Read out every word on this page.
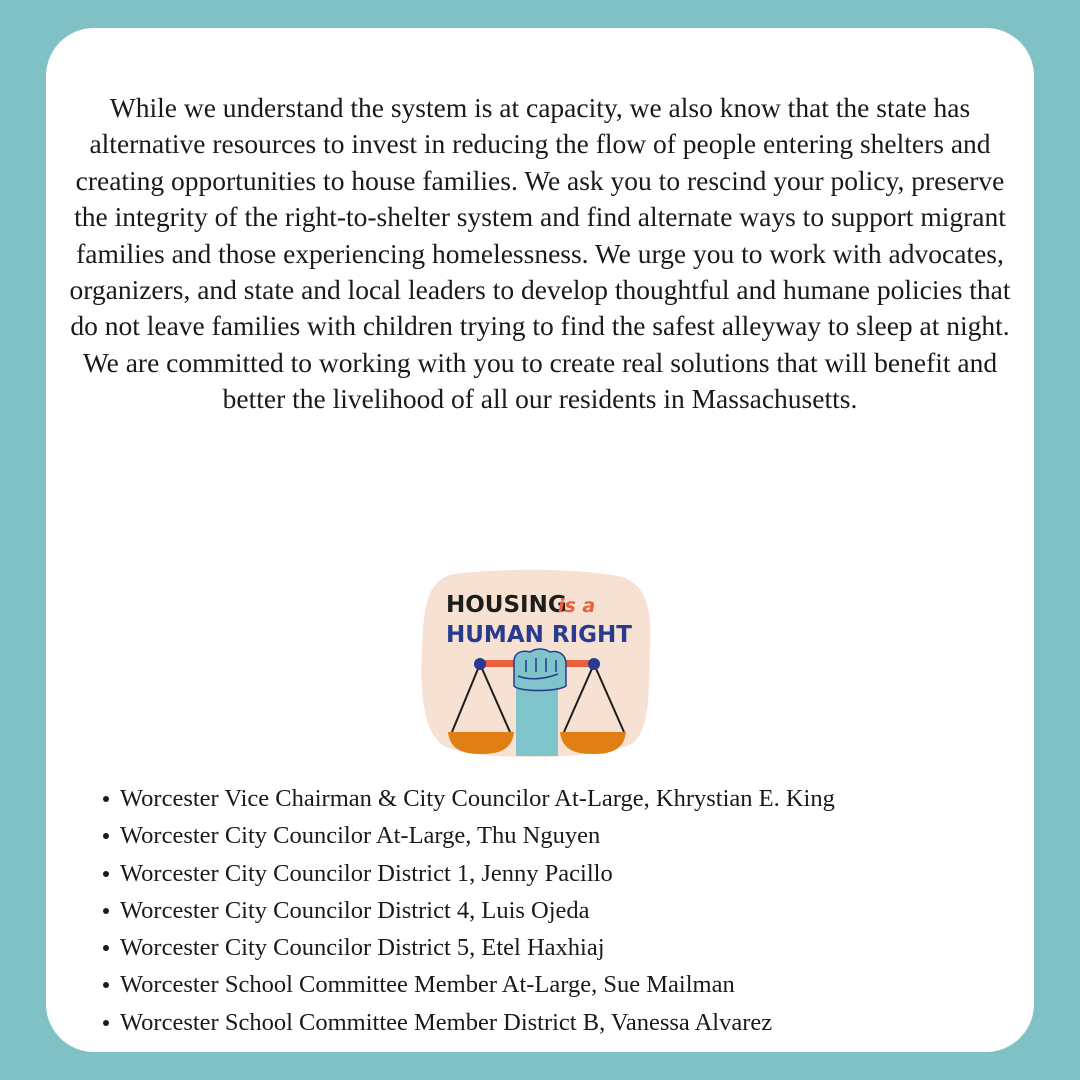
While we understand the system is at capacity, we also know that the state has alternative resources to invest in reducing the flow of people entering shelters and creating opportunities to house families. We ask you to rescind your policy, preserve the integrity of the right-to-shelter system and find alternate ways to support migrant families and those experiencing homelessness. We urge you to work with advocates, organizers, and state and local leaders to develop thoughtful and humane policies that do not leave families with children trying to find the safest alleyway to sleep at night. We are committed to working with you to create real solutions that will benefit and better the livelihood of all our residents in Massachusetts.

HOUSING
is a
HUMAN RIGHT
Worcester Vice Chairman & City Councilor At-Large, Khrystian E. King
Worcester City Councilor At-Large, Thu Nguyen
Worcester City Councilor District 1, Jenny Pacillo
Worcester City Councilor District 4, Luis Ojeda
Worcester City Councilor District 5, Etel Haxhiaj
Worcester School Committee Member At-Large, Sue Mailman
Worcester School Committee Member District B, Vanessa Alvarez
